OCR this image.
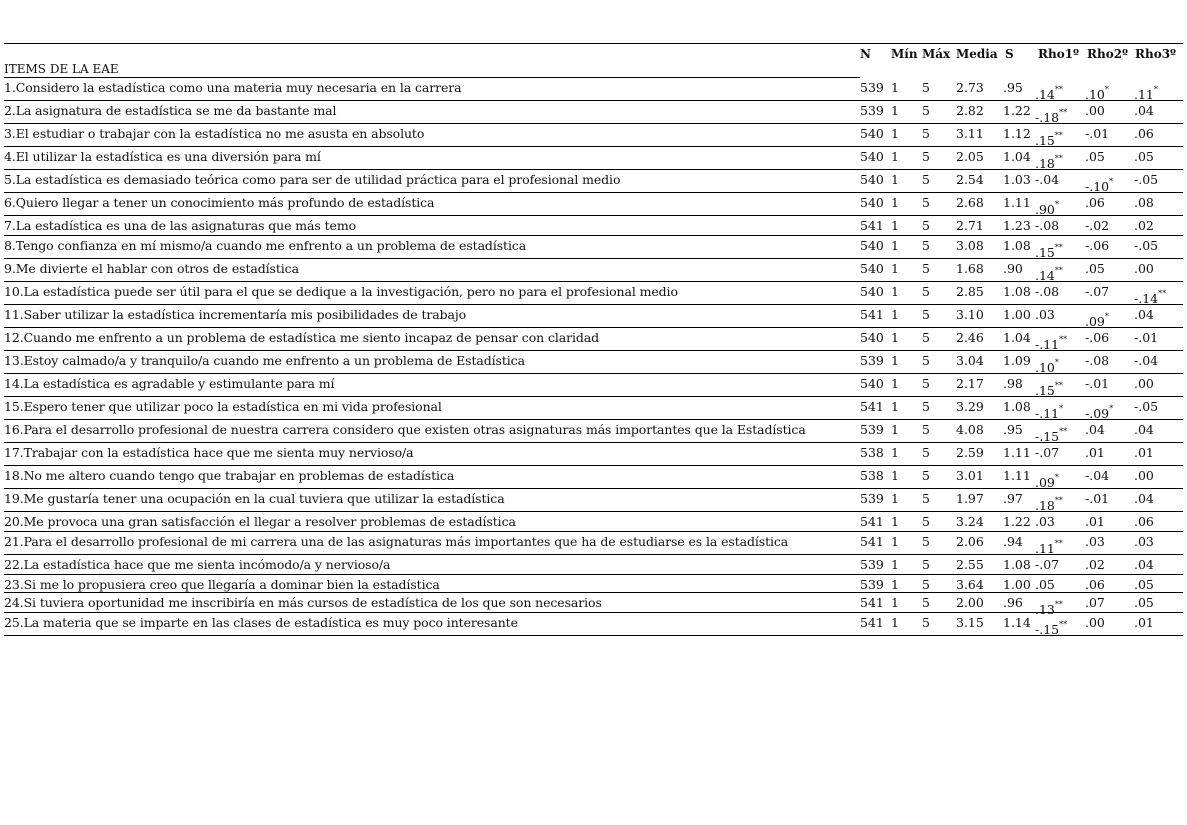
N Mín Máx Media S Rho1º Rho2º Rho3º
ITEMS DE LA EAE
1.Considero la estadística como una materia muy necesaria en la carrera	539 1 5 2.73 .95 .14** .10* .11*
2.La asignatura de estadística se me da bastante mal	539 1 5 2.82 1.22 -.18** .00 .04
3.El estudiar o trabajar con la estadística no me asusta en absoluto	540 1 5 3.11 1.12 .15** -.01 .06
4.El utilizar la estadística es una diversión para mí	540 1 5 2.05 1.04 .18** .05 .05
5.La estadística es demasiado teórica como para ser de utilidad práctica para el profesional medio	540 1 5 2.54 1.03 -.04 -.10* -.05
6.Quiero llegar a tener un conocimiento más profundo de estadística	540 1 5 2.68 1.11 .90* .06 .08
7.La estadística es una de las asignaturas que más temo	541 1 5 2.71 1.23 -.08 -.02 .02
8.Tengo confianza en mí mismo/a cuando me enfrento a un problema de estadística	540 1 5 3.08 1.08 .15** -.06 -.05
9.Me divierte el hablar con otros de estadística	540 1 5 1.68 .90 .14** .05 .00
10.La estadística puede ser útil para el que se dedique a la investigación, pero no para el profesional medio	540 1 5 2.85 1.08 -.08 -.07 -.14**
11.Saber utilizar la estadística incrementaría mis posibilidades de trabajo	541 1 5 3.10 1.00 .03 .09* .04
12.Cuando me enfrento a un problema de estadística me siento incapaz de pensar con claridad	540 1 5 2.46 1.04 -.11** -.06 -.01
13.Estoy calmado/a y tranquilo/a cuando me enfrento a un problema de Estadística	539 1 5 3.04 1.09 .10* -.08 -.04
14.La estadística es agradable y estimulante para mí	540 1 5 2.17 .98 .15** -.01 .00
15.Espero tener que utilizar poco la estadística en mi vida profesional	541 1 5 3.29 1.08 -.11* -.09* -.05
16.Para el desarrollo profesional de nuestra carrera considero que existen otras asignaturas más importantes que la Estadística	539 1 5 4.08 .95 -.15** .04 .04
17.Trabajar con la estadística hace que me sienta muy nervioso/a	538 1 5 2.59 1.11 -.07 .01 .01
18.No me altero cuando tengo que trabajar en problemas de estadística	538 1 5 3.01 1.11 .09* -.04 .00
19.Me gustaría tener una ocupación en la cual tuviera que utilizar la estadística	539 1 5 1.97 .97 .18** -.01 .04
20.Me provoca una gran satisfacción el llegar a resolver problemas de estadística	541 1 5 3.24 1.22 .03 .01 .06
21.Para el desarrollo profesional de mi carrera una de las asignaturas más importantes que ha de estudiarse es la estadística	541 1 5 2.06 .94 .11** .03 .03
22.La estadística hace que me sienta incómodo/a y nervioso/a	539 1 5 2.55 1.08 -.07 .02 .04
23.Si me lo propusiera creo que llegaría a dominar bien la estadística	539 1 5 3.64 1.00 .05 .06 .05
24.Si tuviera oportunidad me inscribiría en más cursos de estadística de los que son necesarios	541 1 5 2.00 .96 .13** .07 .05
25.La materia que se imparte en las clases de estadística es muy poco interesante	541 1 5 3.15 1.14 -.15** .00 .01
